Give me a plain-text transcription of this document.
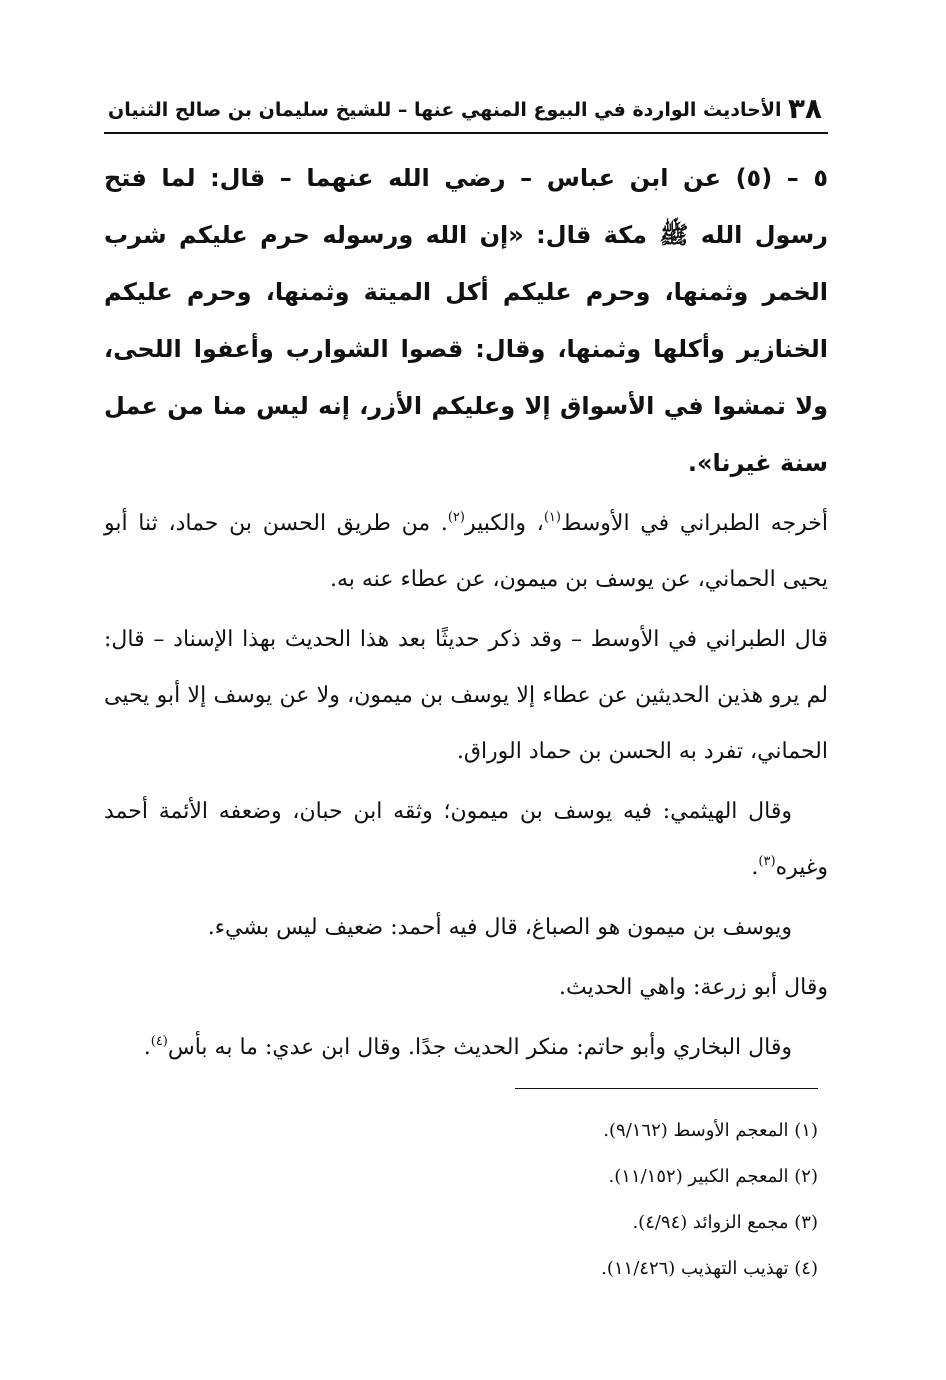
٣٨
الأحاديث الواردة في البيوع المنهي عنها – للشيخ سليمان بن صالح الثنيان

٥ – (٥) عن ابن عباس – رضي الله عنهما – قال: لما فتح رسول الله ﷺ مكة قال: «إن الله ورسوله حرم عليكم شرب الخمر وثمنها، وحرم عليكم أكل الميتة وثمنها، وحرم عليكم الخنازير وأكلها وثمنها، وقال: قصوا الشوارب وأعفوا اللحى، ولا تمشوا في الأسواق إلا وعليكم الأزر، إنه ليس منا من عمل سنة غيرنا».

أخرجه الطبراني في الأوسط$^{(١)}$، والكبير$^{(٢)}$. من طريق الحسن بن حماد، ثنا أبو يحيى الحماني، عن يوسف بن ميمون، عن عطاء عنه به.

قال الطبراني في الأوسط – وقد ذكر حديثًا بعد هذا الحديث بهذا الإسناد – قال: لم يرو هذين الحديثين عن عطاء إلا يوسف بن ميمون، ولا عن يوسف إلا أبو يحيى الحماني، تفرد به الحسن بن حماد الوراق.

وقال الهيثمي: فيه يوسف بن ميمون؛ وثقه ابن حبان، وضعفه الأئمة أحمد وغيره$^{(٣)}$.

ويوسف بن ميمون هو الصباغ، قال فيه أحمد: ضعيف ليس بشيء.

وقال أبو زرعة: واهي الحديث.

وقال البخاري وأبو حاتم: منكر الحديث جدًا. وقال ابن عدي: ما به بأس$^{(٤)}$.

(١) المعجم الأوسط (٩/١٦٢).
(٢) المعجم الكبير (١١/١٥٢).
(٣) مجمع الزوائد (٤/٩٤).
(٤) تهذيب التهذيب (١١/٤٢٦).
